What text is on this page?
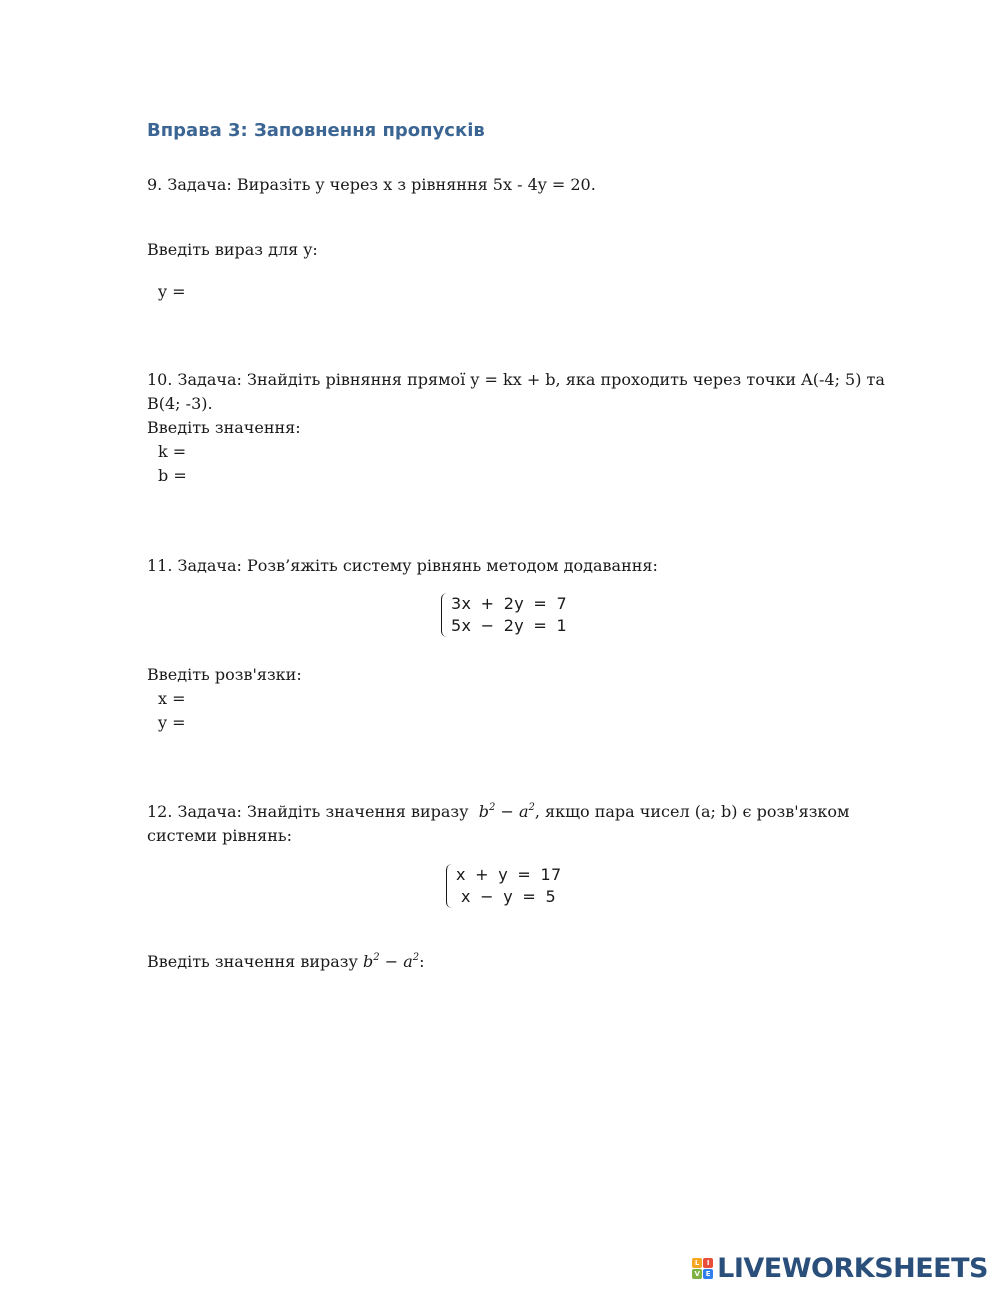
Вправа 3: Заповнення пропусків
9. Задача: Виразіть y через x з рівняння 5x - 4y = 20.
Введіть вираз для y:
y =
10. Задача: Знайдіть рівняння прямої y = kx + b, яка проходить через точки A(-4; 5) та
B(4; -3).
Введіть значення:
k =
b =
11. Задача: Розв’яжіть систему рівнянь методом додавання:
3x + 2y = 7
5x − 2y = 1
Введіть розв'язки:
x =
y =
12. Задача: Знайдіть значення виразу $b^2 - a^2$, якщо пара чисел (a; b) є розв'язком
системи рівнянь:
x + y = 17
x − y = 5
Введіть значення виразу $b^2 - a^2$:
L	I
V E LIVEWORKSHEETS
